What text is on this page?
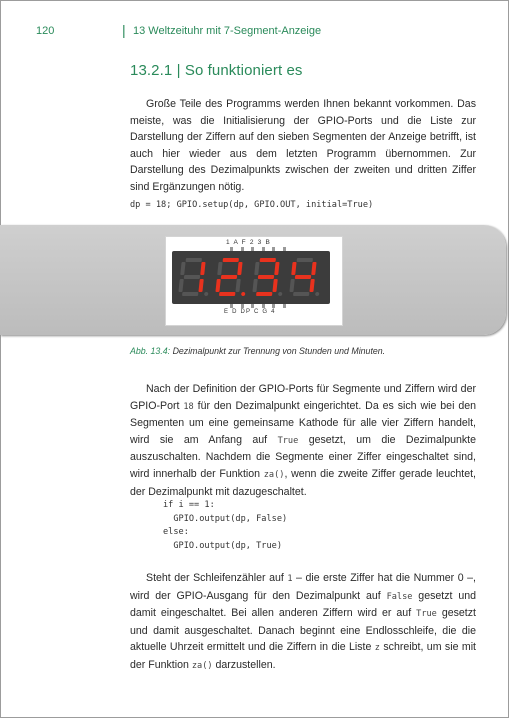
120	| 13 Weltzeituhr mit 7-Segment-Anzeige
13.2.1 | So funktioniert es

Große Teile des Programms werden Ihnen bekannt vorkommen. Das meiste, was die Initialisierung der GPIO-Ports und die Liste zur Darstellung der Ziffern auf den sieben Segmenten der Anzeige betrifft, ist auch hier wieder aus dem letzten Programm übernommen. Zur Darstellung des Dezimalpunkts zwischen der zweiten und dritten Ziffer sind Ergänzungen nötig.

dp = 18; GPIO.setup(dp, GPIO.OUT, initial=True)
1 A F 2 3 B
E D DP C G 4
Abb. 13.4: Dezimalpunkt zur Trennung von Stunden und Minuten.

Nach der Definition der GPIO-Ports für Segmente und Ziffern wird der GPIO-Port 18 für den Dezimalpunkt eingerichtet. Da es sich wie bei den Segmenten um eine gemeinsame Kathode für alle vier Ziffern handelt, wird sie am Anfang auf True gesetzt, um die Dezimalpunkte auszuschalten. Nachdem die Segmente einer Ziffer eingeschaltet sind, wird innerhalb der Funktion za(), wenn die zweite Ziffer gerade leuchtet, der Dezimalpunkt mit dazugeschaltet.

if i == 1:
GPIO.output(dp, False)
else:
GPIO.output(dp, True)

Steht der Schleifenzähler auf 1 – die erste Ziffer hat die Nummer 0 –, wird der GPIO-Ausgang für den Dezimalpunkt auf False gesetzt und damit eingeschaltet. Bei allen anderen Ziffern wird er auf True gesetzt und damit ausgeschaltet. Danach beginnt eine Endlosschleife, die die aktuelle Uhrzeit ermittelt und die Ziffern in die Liste z schreibt, um sie mit der Funktion za() darzustellen.
